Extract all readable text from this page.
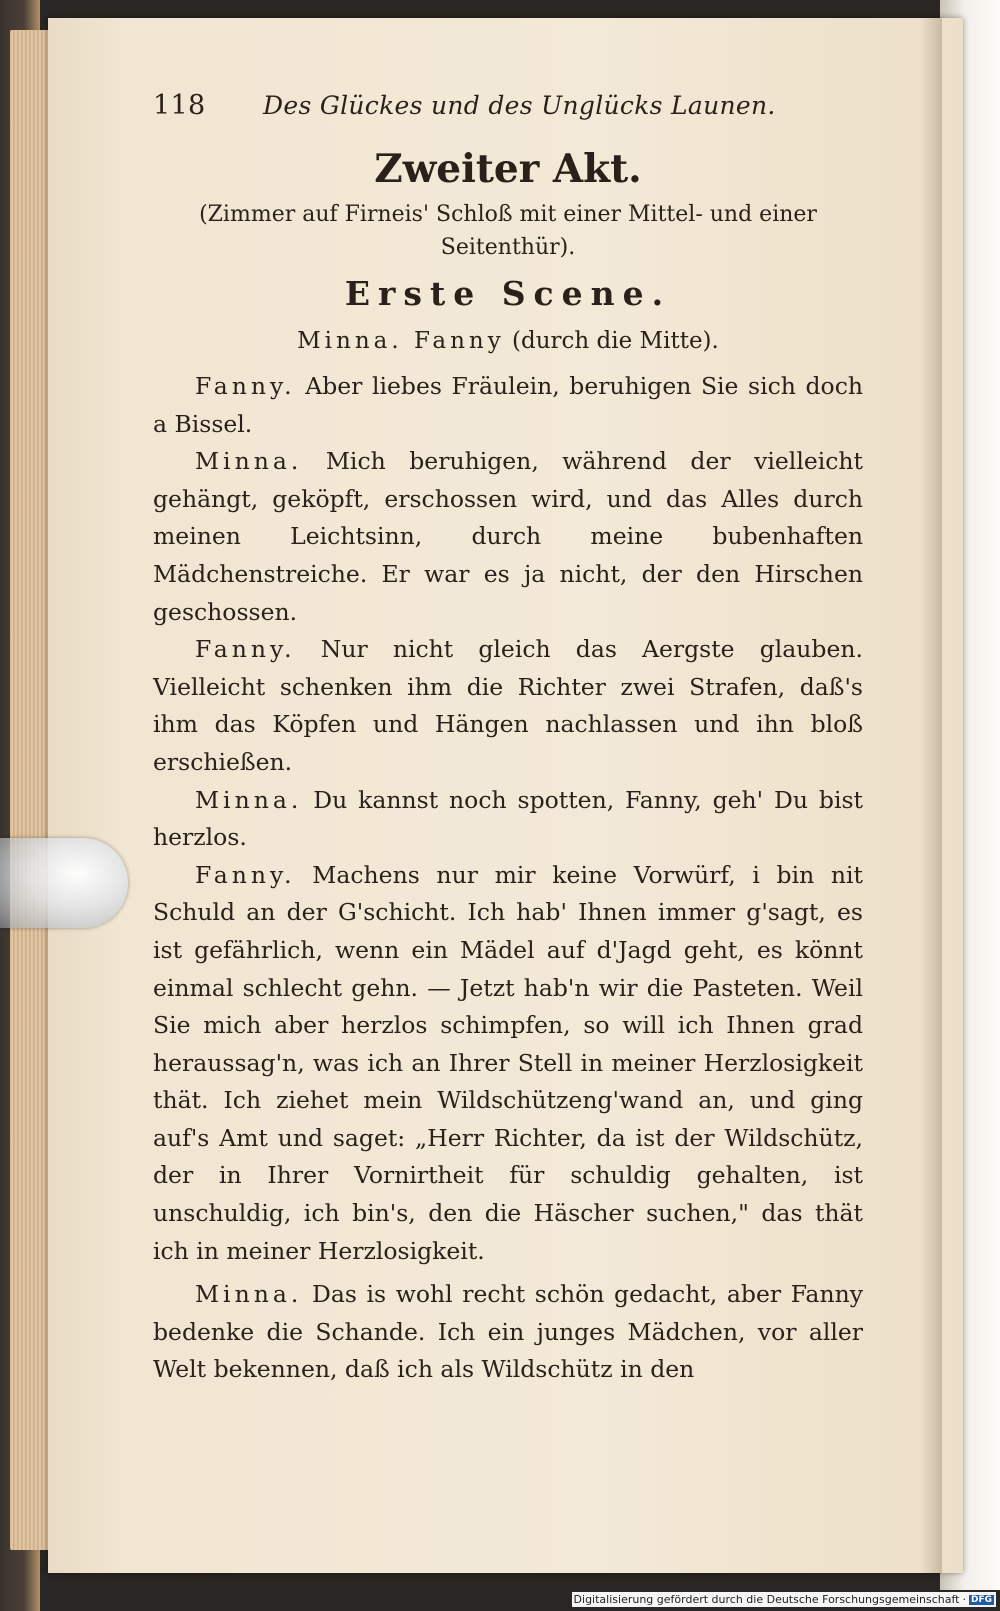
118	Des Glückes und des Unglücks Launen.
Zweiter Akt.
(Zimmer auf Firneis' Schloß mit einer Mittel- und einer Seitenthür).
Erste Scene.
Minna. Fanny (durch die Mitte).

Fanny. Aber liebes Fräulein, beruhigen Sie sich doch a Bissel.

Minna. Mich beruhigen, während der vielleicht gehängt, geköpft, erschossen wird, und das Alles durch meinen Leichtsinn, durch meine bubenhaften Mädchenstreiche. Er war es ja nicht, der den Hirschen geschossen.

Fanny. Nur nicht gleich das Aergste glauben. Vielleicht schenken ihm die Richter zwei Strafen, daß's ihm das Köpfen und Hängen nachlassen und ihn bloß erschießen.

Minna. Du kannst noch spotten, Fanny, geh' Du bist herzlos.

Fanny. Machens nur mir keine Vorwürf, i bin nit Schuld an der G'schicht. Ich hab' Ihnen immer g'sagt, es ist gefährlich, wenn ein Mädel auf d'Jagd geht, es könnt einmal schlecht gehn. — Jetzt hab'n wir die Pasteten. Weil Sie mich aber herzlos schimpfen, so will ich Ihnen grad heraussag'n, was ich an Ihrer Stell in meiner Herzlosigkeit thät. Ich ziehet mein Wildschützeng'wand an, und ging auf's Amt und saget: „Herr Richter, da ist der Wildschütz, der in Ihrer Vornirtheit für schuldig gehalten, ist unschuldig, ich bin's, den die Häscher suchen," das thät ich in meiner Herzlosigkeit.

Minna. Das is wohl recht schön gedacht, aber Fanny bedenke die Schande. Ich ein junges Mädchen, vor aller Welt bekennen, daß ich als Wildschütz in den

Digitalisierung gefördert durch die Deutsche Forschungsgemeinschaft · DFG
